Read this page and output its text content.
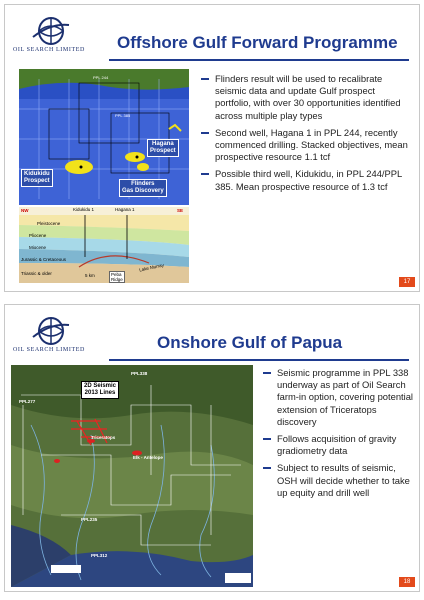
OIL SEARCH LIMITED	Offshore Gulf Forward Programme
Hagana
Prospect
Kidukidu
Prospect	Flinders
Gas Discovery
PPL 244
PPL 385
Kidukidu 1	Hagana 1
NW	SE
Pleistocene
Pliocene
Miocene
Jurassic & Cretaceous
Triassic & older	Peba
Ridge
Lake Murray
5 km
Flinders result will be used to recalibrate seismic data and update Gulf prospect portfolio, with over 30 opportunities identified across multiple play types
Second well, Hagana 1 in PPL 244, recently commenced drilling. Stacked objectives, mean prospective resource 1.1 tcf
Possible third well, Kidukidu, in PPL 244/PPL 385. Mean prospective resource of 1.3 tcf
17
OIL SEARCH LIMITED	Onshore Gulf of Papua
2D Seismic
2013 Lines
Triceratops
Elk - Antelope
PPL338
PPL277
PPL312
PPL235
Seismic programme in PPL 338 underway as part of Oil Search farm-in option, covering potential extension of Triceratops discovery
Follows acquisition of gravity gradiometry data
Subject to results of seismic, OSH will decide whether to take up equity and drill well
18
